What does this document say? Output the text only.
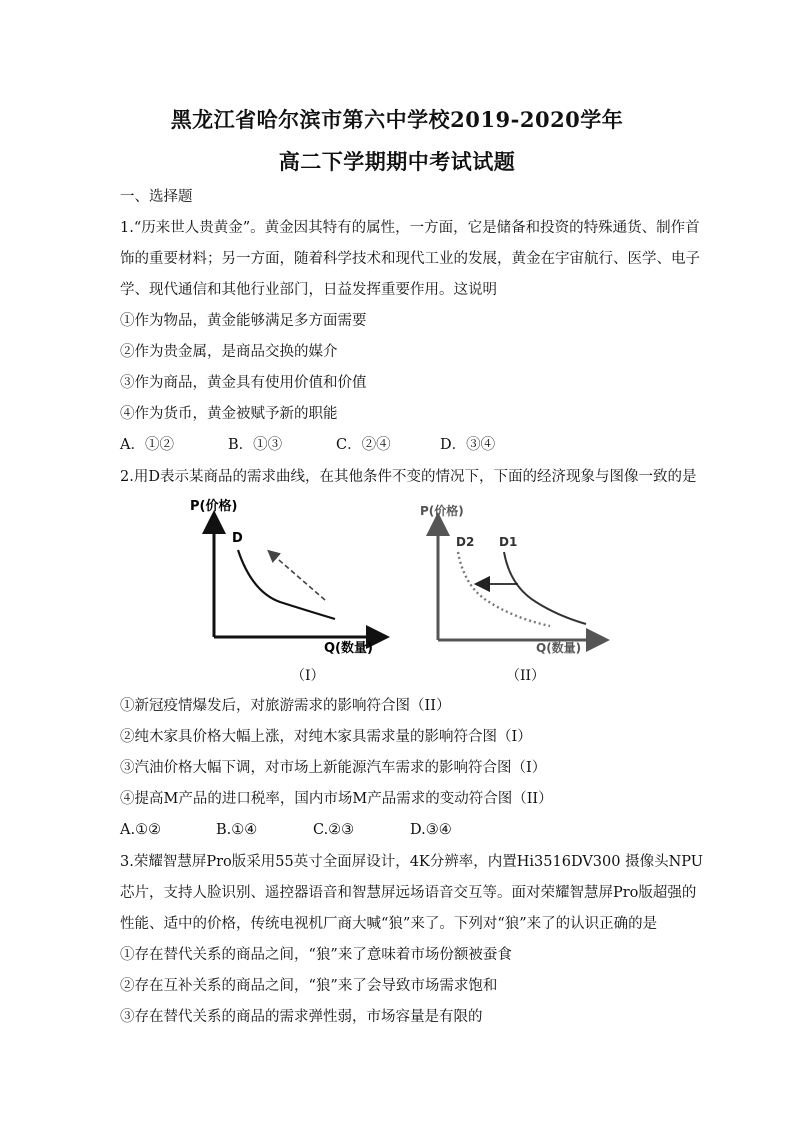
黑龙江省哈尔滨市第六中学校2019-2020学年
高二下学期期中考试试题
一、选择题
1.“历来世人贵黄金”。黄金因其特有的属性，一方面，它是储备和投资的特殊通货、制作首
饰的重要材料；另一方面，随着科学技术和现代工业的发展，黄金在宇宙航行、医学、电子
学、现代通信和其他行业部门，日益发挥重要作用。这说明
①作为物品，黄金能够满足多方面需要
②作为贵金属，是商品交换的媒介
③作为商品，黄金具有使用价值和价值
④作为货币，黄金被赋予新的职能
A．①②	B．①③	C．②④	D．③④
2.用D表示某商品的需求曲线，在其他条件不变的情况下，下面的经济现象与图像一致的是
P(价格)
Q(数量)
D
（I）
P(价格)
Q(数量)
D2 D1
（II）
①新冠疫情爆发后，对旅游需求的影响符合图（II）
②纯木家具价格大幅上涨，对纯木家具需求量的影响符合图（I）
③汽油价格大幅下调，对市场上新能源汽车需求的影响符合图（I）
④提高M产品的进口税率，国内市场M产品需求的变动符合图（II）
A.①②	B.①④	C.②③	D.③④
3.荣耀智慧屏Pro版采用55英寸全面屏设计，4K分辨率，内置Hi3516DV300 摄像头NPU
芯片，支持人脸识别、遥控器语音和智慧屏远场语音交互等。面对荣耀智慧屏Pro版超强的
性能、适中的价格，传统电视机厂商大喊“狼”来了。下列对“狼”来了的认识正确的是
①存在替代关系的商品之间，“狼”来了意味着市场份额被蚕食
②存在互补关系的商品之间，“狼”来了会导致市场需求饱和
③存在替代关系的商品的需求弹性弱，市场容量是有限的
